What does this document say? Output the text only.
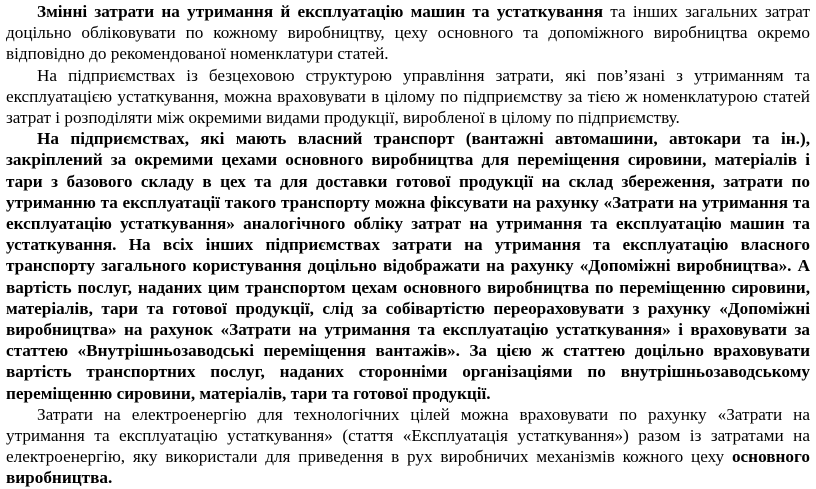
Змінні затрати на утримання й експлуатацію машин та устаткування та інших загальних затрат доцільно обліковувати по кожному виробництву, цеху основного та допоміжного виробництва окремо відповідно до рекомендованої номенклатури статей.

На підприємствах із безцеховою структурою управління затрати, які пов’язані з утриманням та експлуатацією устаткування, можна враховувати в цілому по підприємству за тією ж номенклатурою статей затрат і розподіляти між окремими видами продукції, виробленої в цілому по підприємству.

На підприємствах, які мають власний транспорт (вантажні автомашини, автокари та ін.), закріплений за окремими цехами основного виробництва для переміщення сировини, матеріалів і тари з базового складу в цех та для доставки готової продукції на склад збереження, затрати по утриманню та експлуатації такого транспорту можна фіксувати на рахунку «Затрати на утримання та експлуатацію устаткування» аналогічного обліку затрат на утримання та експлуатацію машин та устаткування. На всіх інших підприємствах затрати на утримання та експлуатацію власного транспорту загального користування доцільно відображати на рахунку «Допоміжні виробництва». А вартість послуг, наданих цим транспортом цехам основного виробництва по переміщенню сировини, матеріалів, тари та готової продукції, слід за собівартістю переораховувати з рахунку «Допоміжні виробництва» на рахунок «Затрати на утримання та експлуатацію устаткування» і враховувати за статтею «Внутрішньозаводські переміщення вантажів». За цією ж статтею доцільно враховувати вартість транспортних послуг, наданих сторонніми організаціями по внутрішньозаводському переміщенню сировини, матеріалів, тари та готової продукції.

Затрати на електроенергію для технологічних цілей можна враховувати по рахунку «Затрати на утримання та експлуатацію устаткування» (стаття «Експлуатація устаткування») разом із затратами на електроенергію, яку використали для приведення в рух виробничих механізмів кожного цеху основного виробництва.
